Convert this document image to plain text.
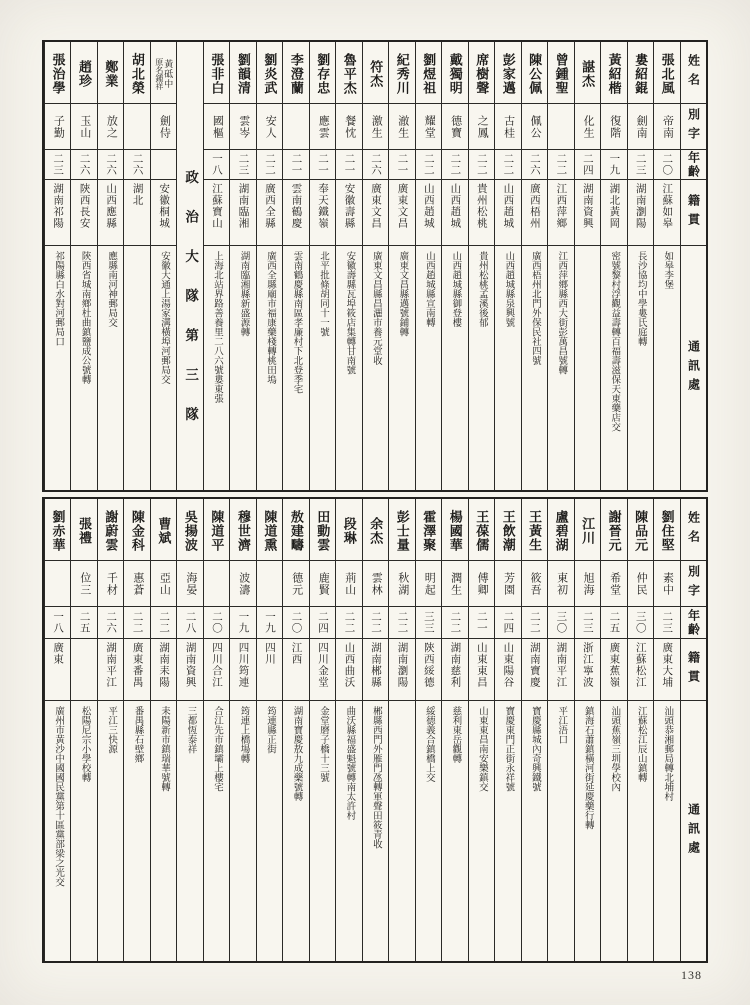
姓名
別字
年齡
籍貫
通訊處
張北風
帝南
二〇
江蘇如皋
如皋李堡
婁紹錕
劍南
二三
湖南瀏陽
長沙協均中學婁氏庭轉
黃紹楷
復階
一九
湖北黃岡
密號黎村浮觀益壽轉百福壽滋保天東藥店交
諶杰
化生
二四
湖南資興
曾鍾聖
二二
江西萍鄉
江西萍鄉縣西大街彭萬昌號轉
陳公佩
佩公
二六
廣西梧州
廣西梧州北門外保民社四號
彭家邁
古桂
二二
山西趙城
山西趙城縣泉興號
席樹聲
之鳳
二二
貴州松桃
貴州松桃孟溪後郁
戴獨明
德寶
二二
山西趙城
山西趙城縣御登樓
劉煜祖
耀堂
二二
山西趙城
山西趙城縣宣南轉
紀秀川
澈生
二一
廣東文昌
廣東文昌縣邁號鋪轉
符杰
激生
二六
廣東文昌
廣東文昌縣昌灑市養元堂收
魯平杰
餐忱
二一
安徽壽縣
安徽壽縣瓦埠筱店集轉甘南號
劉存忠
應雲
二一
奉天鐵嶺
北平批條胡同十一號
李澄蘭
二一
雲南鶴慶
雲南鶴慶縣南區孝廉村下北登季宅
劉炎武
安人
二二
廣西全縣
廣西全縣廟市福康藥棧轉桃田塢
劉韻清
雲岑
二三
湖南臨湘
湖南臨湘縣新盛源轉
張非白
國樞
一八
江蘇寶山
上海北站界路善養里二八六號婁東張
政治大隊第三隊
黃砥中
原名鍾祥
劍侍
安徽桐城
安徽大通上湯家溝橫埠河郵局交
胡北榮
二六
湖北
鄭業
放之
二六
山西應縣
應縣南河神郵局交
趙珍
玉山
二六
陝西長安
陝西省城南鄉杜曲鎮鹽成公號轉
張治學
子勤
二三
湖南祁陽
祁陽縣白水對河郵局口
姓名
別字
年齡
籍貫
通訊處
劉住堅
素中
二三
廣東大埔
汕頭恭湘郵局轉北埔村
陳品元
仲民
三〇
江蘇松江
江蘇松江辰山鎮轉
謝晉元
希堂
二五
廣東蕉嶺
汕頭蕉嶺三圳學校內
江川
旭海
二三
浙江寧波
鎮海石蕭鎮橫河街延慶藥行轉
盧碧湖
東初
三〇
湖南平江
平江浯口
王黃生
筱吾
二二
湖南寶慶
寶慶縣城內奇興鐵號
王飲潮
芳園
二四
山東陽谷
寶慶東門正街永祥號
王葆儒
傅卿
二一
山東東昌
山東東昌南安樂鎮交
楊國華
潤生
二二
湖南慈利
慈利東岳觀轉
霍澤聚
明起
三三
陝西綏德
綏德義合鎮橋上交
彭士量
秋湖
二二
湖南瀏陽
余杰
雲林
二二
湖南郴縣
郴縣西門外雁門氹轉軍聲田筱青收
段琳
荊山
二二
山西曲沃
曲沃縣福盛魁號轉南太許村
田動雲
鹿賢
二四
四川金堂
金堂磨子橋十三號
敖建疇
德元
二〇
江西
湖南寶慶敖九成藥號轉
陳道熏
一九
四川
筠連縣正街
穆世濟
波濤
一九
四川筠連
筠連上橋場轉
陳道平
二〇
四川合江
合江先市鎮壩上樓宅
吳揚波
海晏
二八
湖南資興
三都恆泰祥
曹斌
亞山
二二
湖南耒陽
耒陽新市鎮瑞華號轉
陳金科
惠蒼
二二
廣東番禺
番禺縣石壁鄉
謝蔚雲
千材
二六
湖南平江
平江三快源
張禮
位三
二五
松陽尼宗小學校轉
劉赤華
一八
廣東
廣州市黃沙中國國民黨第十區黨部梁之光交
138
